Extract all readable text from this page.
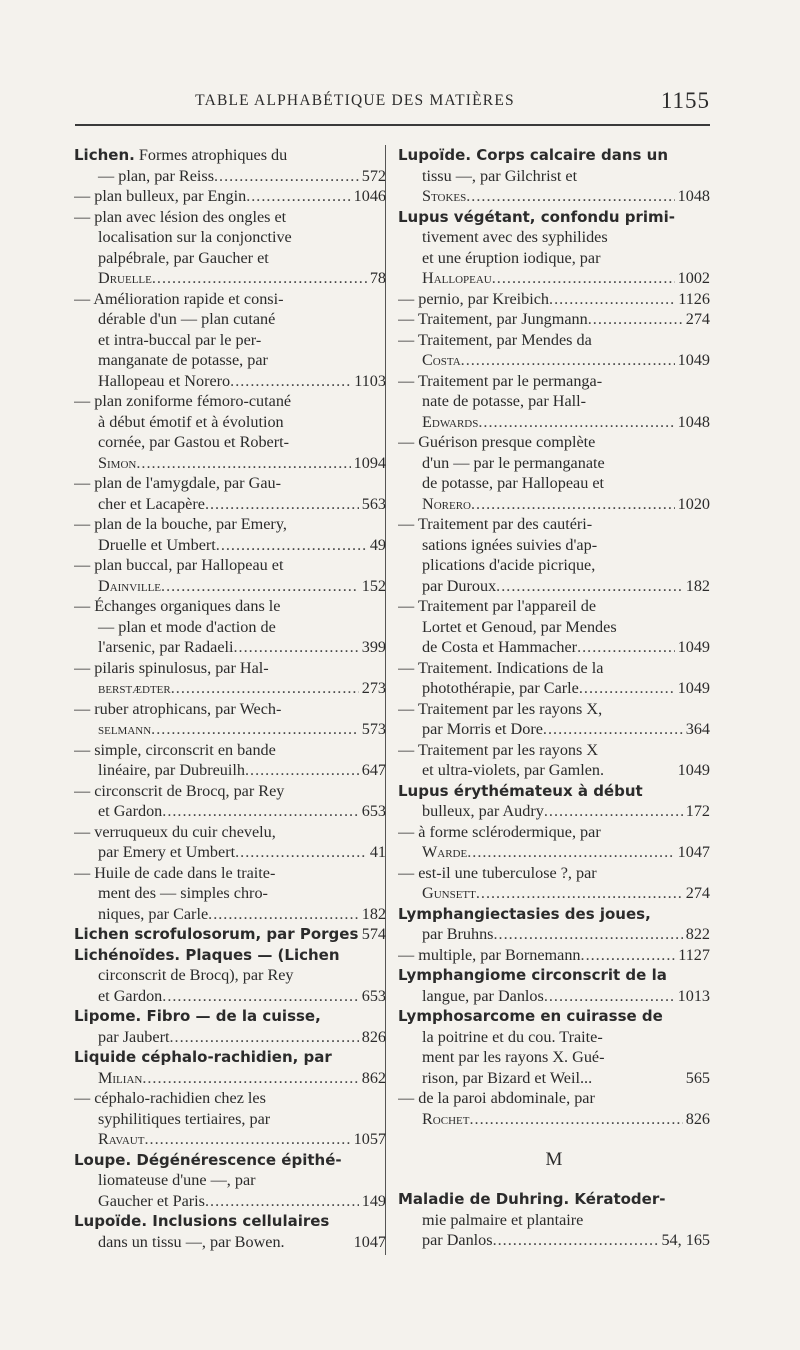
TABLE ALPHABÉTIQUE DES MATIÈRES	1155
Lichen. Formes atrophiques du
— plan, par Reiss .....	572
— plan bulleux, par Engin .....	1046
— plan avec lésion des ongles et
localisation sur la conjonctive
palpébrale, par Gaucher et
Druelle .....	78
— Amélioration rapide et consi-
dérable d'un — plan cutané
et intra-buccal par le per-
manganate de potasse, par
Hallopeau et Norero .....	1103
— plan zoniforme fémoro-cutané
à début émotif et à évolution
cornée, par Gastou et Robert-
Simon .....	1094
— plan de l'amygdale, par Gau-
cher et Lacapère .....	563
— plan de la bouche, par Emery,
Druelle et Umbert .....	49
— plan buccal, par Hallopeau et
Dainville .....	152
— Échanges organiques dans le
— plan et mode d'action de
l'arsenic, par Radaeli .....	399
— pilaris spinulosus, par Hal-
berstædter .....	273
— ruber atrophicans, par Wech-
selmann .....	573
— simple, circonscrit en bande
linéaire, par Dubreuilh .....	647
— circonscrit de Brocq, par Rey
et Gardon .....	653
— verruqueux du cuir chevelu,
par Emery et Umbert .....	41
— Huile de cade dans le traite-
ment des — simples chro-
niques, par Carle .....	182
Lichen scrofulosorum, par Porges ..... 574
Lichénoïdes. Plaques — (Lichen
circonscrit de Brocq), par Rey
et Gardon .....	653
Lipome. Fibro — de la cuisse,
par Jaubert .....	826
Liquide céphalo-rachidien, par
Milian .....	862
— céphalo-rachidien chez les
syphilitiques tertiaires, par
Ravaut .....	1057
Loupe. Dégénérescence épithé-
liomateuse d'une —, par
Gaucher et Paris .....	149
Lupoïde. Inclusions cellulaires
dans un tissu —, par Bowen.	1047
Lupoïde. Corps calcaire dans un
tissu —, par Gilchrist et
Stokes .....	1048
Lupus végétant, confondu primi-
tivement avec des syphilides
et une éruption iodique, par
Hallopeau .....	1002
— pernio, par Kreibich .....	1126
— Traitement, par Jungmann .....	274
— Traitement, par Mendes da
Costa .....	1049
— Traitement par le permanga-
nate de potasse, par Hall-
Edwards .....	1048
— Guérison presque complète
d'un — par le permanganate
de potasse, par Hallopeau et
Norero .....	1020
— Traitement par des cautéri-
sations ignées suivies d'ap-
plications d'acide picrique,
par Duroux .....	182
— Traitement par l'appareil de
Lortet et Genoud, par Mendes
de Costa et Hammacher .....	1049
— Traitement. Indications de la
photothérapie, par Carle .....	1049
— Traitement par les rayons X,
par Morris et Dore .....	364
— Traitement par les rayons X
et ultra-violets, par Gamlen.	1049
Lupus érythémateux à début
bulleux, par Audry .....	172
— à forme sclérodermique, par
Warde .....	1047
— est-il une tuberculose ?, par
Gunsett .....	274
Lymphangiectasies des joues,
par Bruhns .....	822
— multiple, par Bornemann .....	1127
Lymphangiome circonscrit de la
langue, par Danlos .....	1013
Lymphosarcome en cuirasse de
la poitrine et du cou. Traite-
ment par les rayons X. Gué-
rison, par Bizard et Weil...	565
— de la paroi abdominale, par
Rochet .....	826
M
Maladie de Duhring. Kératoder-
mie palmaire et plantaire
par Danlos .....	54, 165
